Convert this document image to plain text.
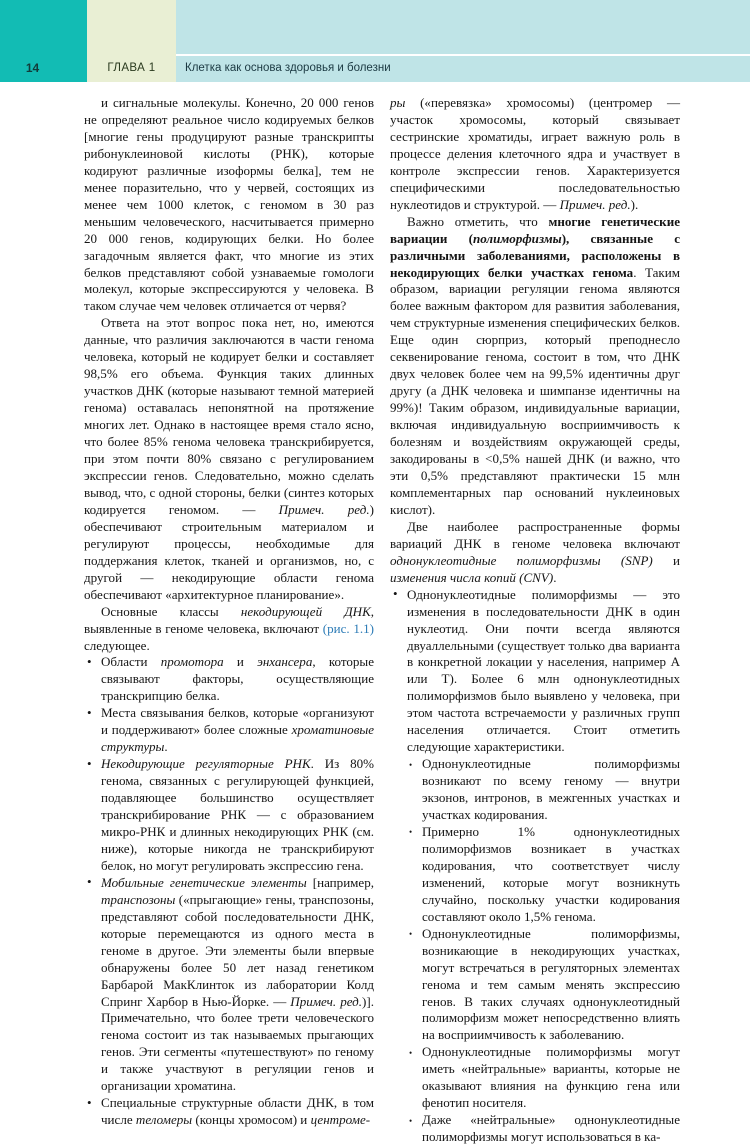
14	ГЛАВА 1	Клетка как основа здоровья и болезни

и сигнальные молекулы. Конечно, 20 000 генов не определяют реальное число кодируемых белков [многие гены продуцируют разные транскрипты рибонуклеиновой кислоты (РНК), которые кодируют различные изоформы белка], тем не менее поразительно, что у червей, состоящих из менее чем 1000 клеток, с геномом в 30 раз меньшим человеческого, насчитывается примерно 20 000 генов, кодирующих белки. Но более загадочным является факт, что многие из этих белков представляют собой узнаваемые гомологи молекул, которые экспрессируются у человека. В таком случае чем человек отличается от червя?

Ответа на этот вопрос пока нет, но, имеются данные, что различия заключаются в части генома человека, который не кодирует белки и составляет 98,5% его объема. Функция таких длинных участков ДНК (которые называют темной материей генома) оставалась непонятной на протяжение многих лет. Однако в настоящее время стало ясно, что более 85% генома человека транскрибируется, при этом почти 80% связано с регулированием экспрессии генов. Следовательно, можно сделать вывод, что, с одной стороны, белки (синтез которых кодируется геномом. — Примеч. ред.) обеспечивают строительным материалом и регулируют процессы, необходимые для поддержания клеток, тканей и организмов, но, с другой — некодирующие области генома обеспечивают «архитектурное планирование».

Основные классы некодирующей ДНК, выявленные в геноме человека, включают (рис. 1.1) следующее.

• Области промотора и энхансера, которые связывают факторы, осуществляющие транскрипцию белка.
• Места связывания белков, которые «организуют и поддерживают» более сложные хроматиновые структуры.
• Некодирующие регуляторные РНК. Из 80% генома, связанных с регулирующей функцией, подавляющее большинство осуществляет транскрибирование РНК — с образованием микро-РНК и длинных некодирующих РНК (см. ниже), которые никогда не транскрибируют белок, но могут регулировать экспрессию гена.
• Мобильные генетические элементы [например, транспозоны («прыгающие» гены, транспозоны, представляют собой последовательности ДНК, которые перемещаются из одного места в геноме в другое. Эти элементы были впервые обнаружены более 50 лет назад генетиком Барбарой МакКлинток из лаборатории Колд Спринг Харбор в Нью-Йорке. — Примеч. ред.)]. Примечательно, что более трети человеческого генома состоит из так называемых прыгающих генов. Эти сегменты «путешествуют» по геному и также участвуют в регуляции генов и организации хроматина.
• Специальные структурные области ДНК, в том числе теломеры (концы хромосом) и центроме-

ры («перевязка» хромосомы) (центромер — участок хромосомы, который связывает сестринские хроматиды, играет важную роль в процессе деления клеточного ядра и участвует в контроле экспрессии генов. Характеризуется специфическими последовательностью нуклеотидов и структурой. — Примеч. ред.).

Важно отметить, что многие генетические вариации (полиморфизмы), связанные с различными заболеваниями, расположены в некодирующих белки участках генома. Таким образом, вариации регуляции генома являются более важным фактором для развития заболевания, чем структурные изменения специфических белков. Еще один сюрприз, который преподнесло секвенирование генома, состоит в том, что ДНК двух человек более чем на 99,5% идентичны друг другу (а ДНК человека и шимпанзе идентичны на 99%)! Таким образом, индивидуальные вариации, включая индивидуальную восприимчивость к болезням и воздействиям окружающей среды, закодированы в <0,5% нашей ДНК (и важно, что эти 0,5% представляют практически 15 млн комплементарных пар оснований нуклеиновых кислот).

Две наиболее распространенные формы вариаций ДНК в геноме человека включают однонуклеотидные полиморфизмы (SNP) и изменения числа копий (CNV).

• Однонуклеотидные полиморфизмы — это изменения в последовательности ДНК в один нуклеотид. Они почти всегда являются двуаллельными (существует только два варианта в конкретной локации у населения, например A или T). Более 6 млн однонуклеотидных полиморфизмов было выявлено у человека, при этом частота встречаемости у различных групп населения отличается. Стоит отметить следующие характеристики.
• Однонуклеотидные полиморфизмы возникают по всему геному — внутри экзонов, интронов, в межгенных участках и участках кодирования.
• Примерно 1% однонуклеотидных полиморфизмов возникает в участках кодирования, что соответствует числу изменений, которые могут возникнуть случайно, поскольку участки кодирования составляют около 1,5% генома.
• Однонуклеотидные полиморфизмы, возникающие в некодирующих участках, могут встречаться в регуляторных элементах генома и тем самым менять экспрессию генов. В таких случаях однонуклеотидный полиморфизм может непосредственно влиять на восприимчивость к заболеванию.
• Однонуклеотидные полиморфизмы могут иметь «нейтральные» варианты, которые не оказывают влияния на функцию гена или фенотип носителя.
• Даже «нейтральные» однонуклеотидные полиморфизмы могут использоваться в ка-
